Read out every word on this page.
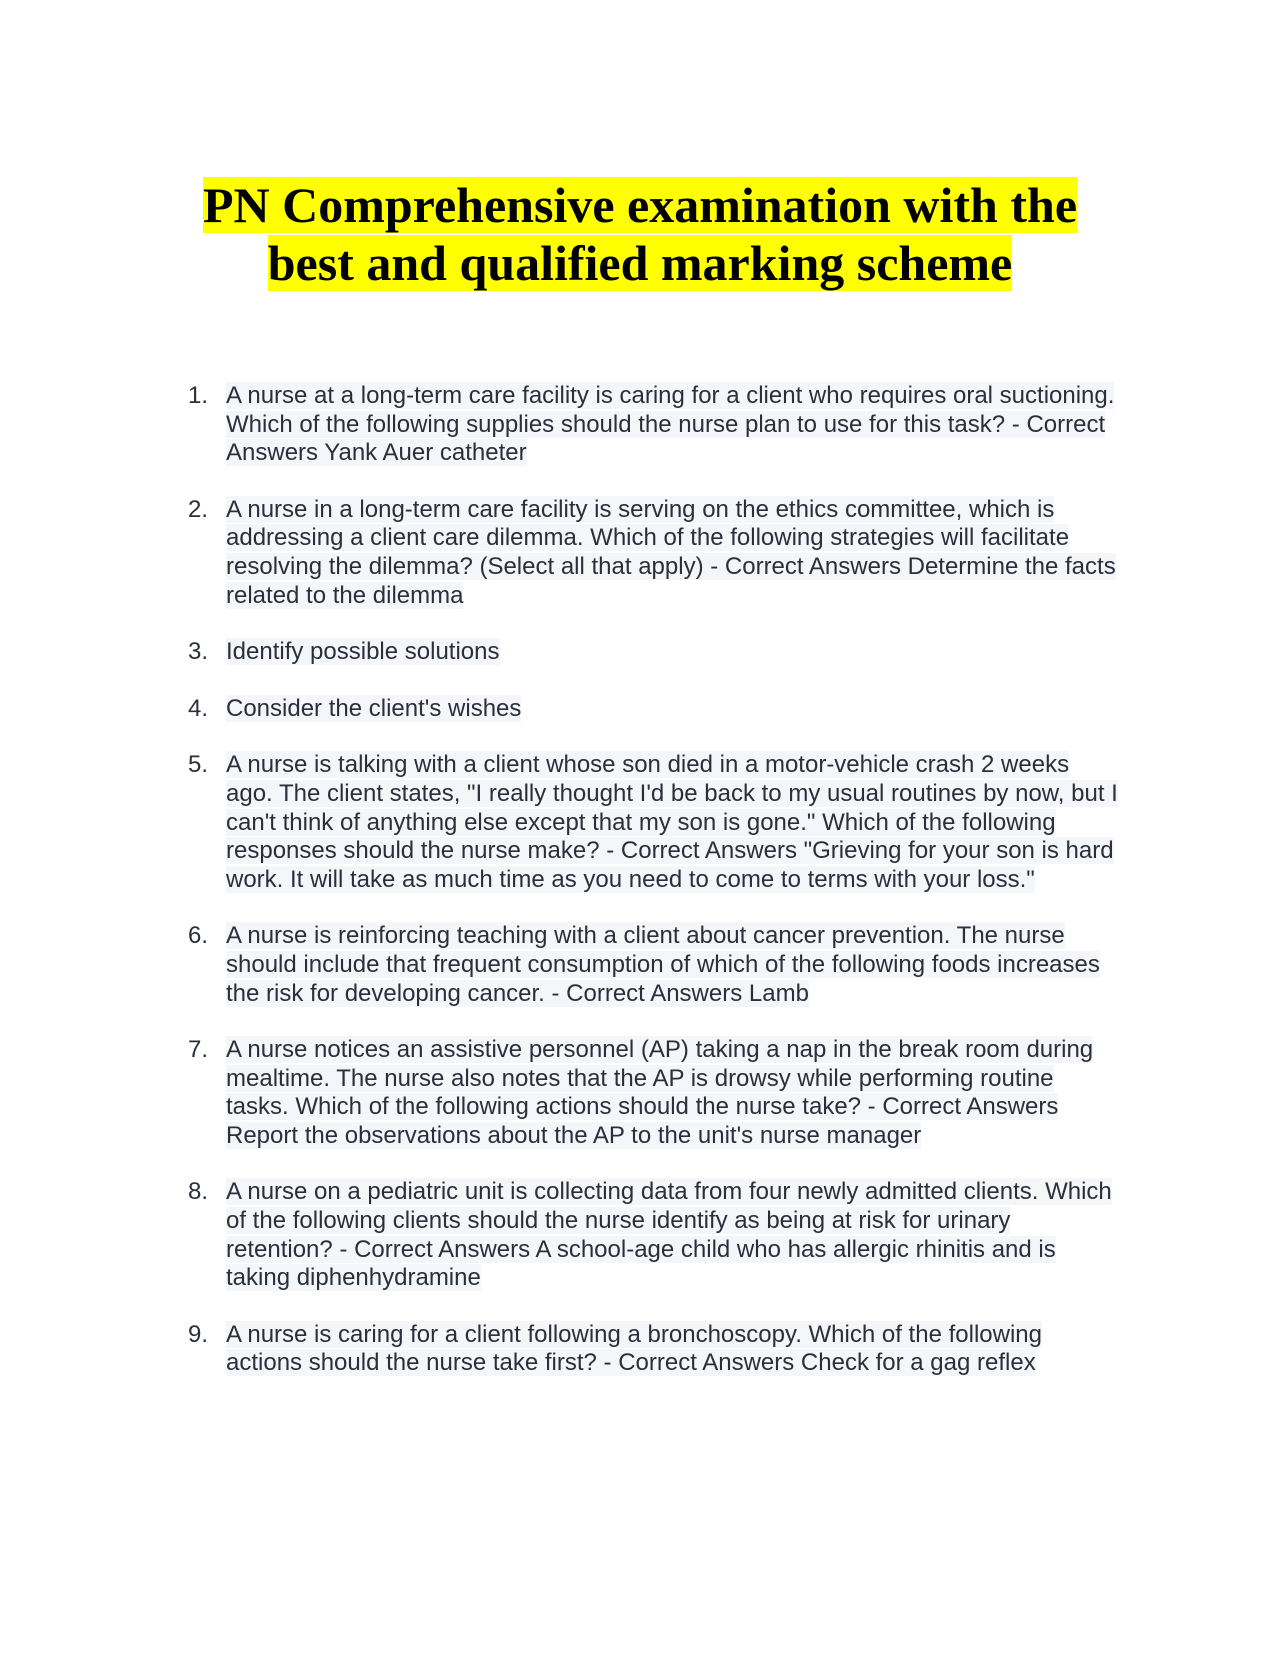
PN Comprehensive examination with the
best and qualified marking scheme
1. A nurse at a long-term care facility is caring for a client who requires oral suctioning. Which of the following supplies should the nurse plan to use for this task? - Correct Answers Yank Auer catheter
2. A nurse in a long-term care facility is serving on the ethics committee, which is addressing a client care dilemma. Which of the following strategies will facilitate resolving the dilemma? (Select all that apply) - Correct Answers Determine the facts related to the dilemma
3. Identify possible solutions
4. Consider the client's wishes
5. A nurse is talking with a client whose son died in a motor-vehicle crash 2 weeks ago. The client states, "I really thought I'd be back to my usual routines by now, but I can't think of anything else except that my son is gone." Which of the following responses should the nurse make? - Correct Answers "Grieving for your son is hard work. It will take as much time as you need to come to terms with your loss."
6. A nurse is reinforcing teaching with a client about cancer prevention. The nurse should include that frequent consumption of which of the following foods increases the risk for developing cancer. - Correct Answers Lamb
7. A nurse notices an assistive personnel (AP) taking a nap in the break room during mealtime. The nurse also notes that the AP is drowsy while performing routine tasks. Which of the following actions should the nurse take? - Correct Answers Report the observations about the AP to the unit's nurse manager
8. A nurse on a pediatric unit is collecting data from four newly admitted clients. Which of the following clients should the nurse identify as being at risk for urinary retention? - Correct Answers A school-age child who has allergic rhinitis and is taking diphenhydramine
9. A nurse is caring for a client following a bronchoscopy. Which of the following actions should the nurse take first? - Correct Answers Check for a gag reflex
